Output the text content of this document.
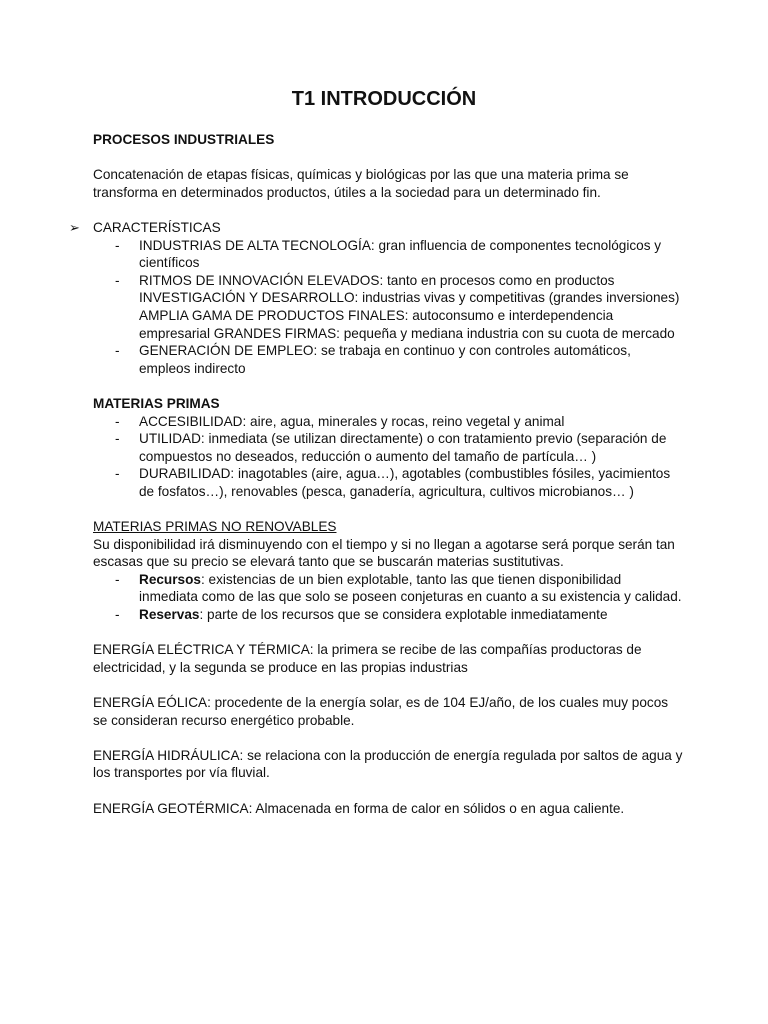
T1 INTRODUCCIÓN

PROCESOS INDUSTRIALES

Concatenación de etapas físicas, químicas y biológicas por las que una materia prima se transforma en determinados productos, útiles a la sociedad para un determinado fin.

➢ CARACTERÍSTICAS

- INDUSTRIAS DE ALTA TECNOLOGÍA: gran influencia de componentes tecnológicos y científicos
- RITMOS DE INNOVACIÓN ELEVADOS: tanto en procesos como en productos INVESTIGACIÓN Y DESARROLLO: industrias vivas y competitivas (grandes inversiones) AMPLIA GAMA DE PRODUCTOS FINALES: autoconsumo e interdependencia empresarial GRANDES FIRMAS: pequeña y mediana industria con su cuota de mercado
- GENERACIÓN DE EMPLEO: se trabaja en continuo y con controles automáticos, empleos indirecto

MATERIAS PRIMAS

- ACCESIBILIDAD: aire, agua, minerales y rocas, reino vegetal y animal
- UTILIDAD: inmediata (se utilizan directamente) o con tratamiento previo (separación de compuestos no deseados, reducción o aumento del tamaño de partícula… )
- DURABILIDAD: inagotables (aire, agua…), agotables (combustibles fósiles, yacimientos de fosfatos…), renovables (pesca, ganadería, agricultura, cultivos microbianos… )

MATERIAS PRIMAS NO RENOVABLES

Su disponibilidad irá disminuyendo con el tiempo y si no llegan a agotarse será porque serán tan escasas que su precio se elevará tanto que se buscarán materias sustitutivas.

- Recursos: existencias de un bien explotable, tanto las que tienen disponibilidad inmediata como de las que solo se poseen conjeturas en cuanto a su existencia y calidad.
- Reservas: parte de los recursos que se considera explotable inmediatamente

ENERGÍA ELÉCTRICA Y TÉRMICA: la primera se recibe de las compañías productoras de electricidad, y la segunda se produce en las propias industrias

ENERGÍA EÓLICA: procedente de la energía solar, es de 104 EJ/año, de los cuales muy pocos se consideran recurso energético probable.

ENERGÍA HIDRÁULICA: se relaciona con la producción de energía regulada por saltos de agua y los transportes por vía fluvial.

ENERGÍA GEOTÉRMICA: Almacenada en forma de calor en sólidos o en agua caliente.
